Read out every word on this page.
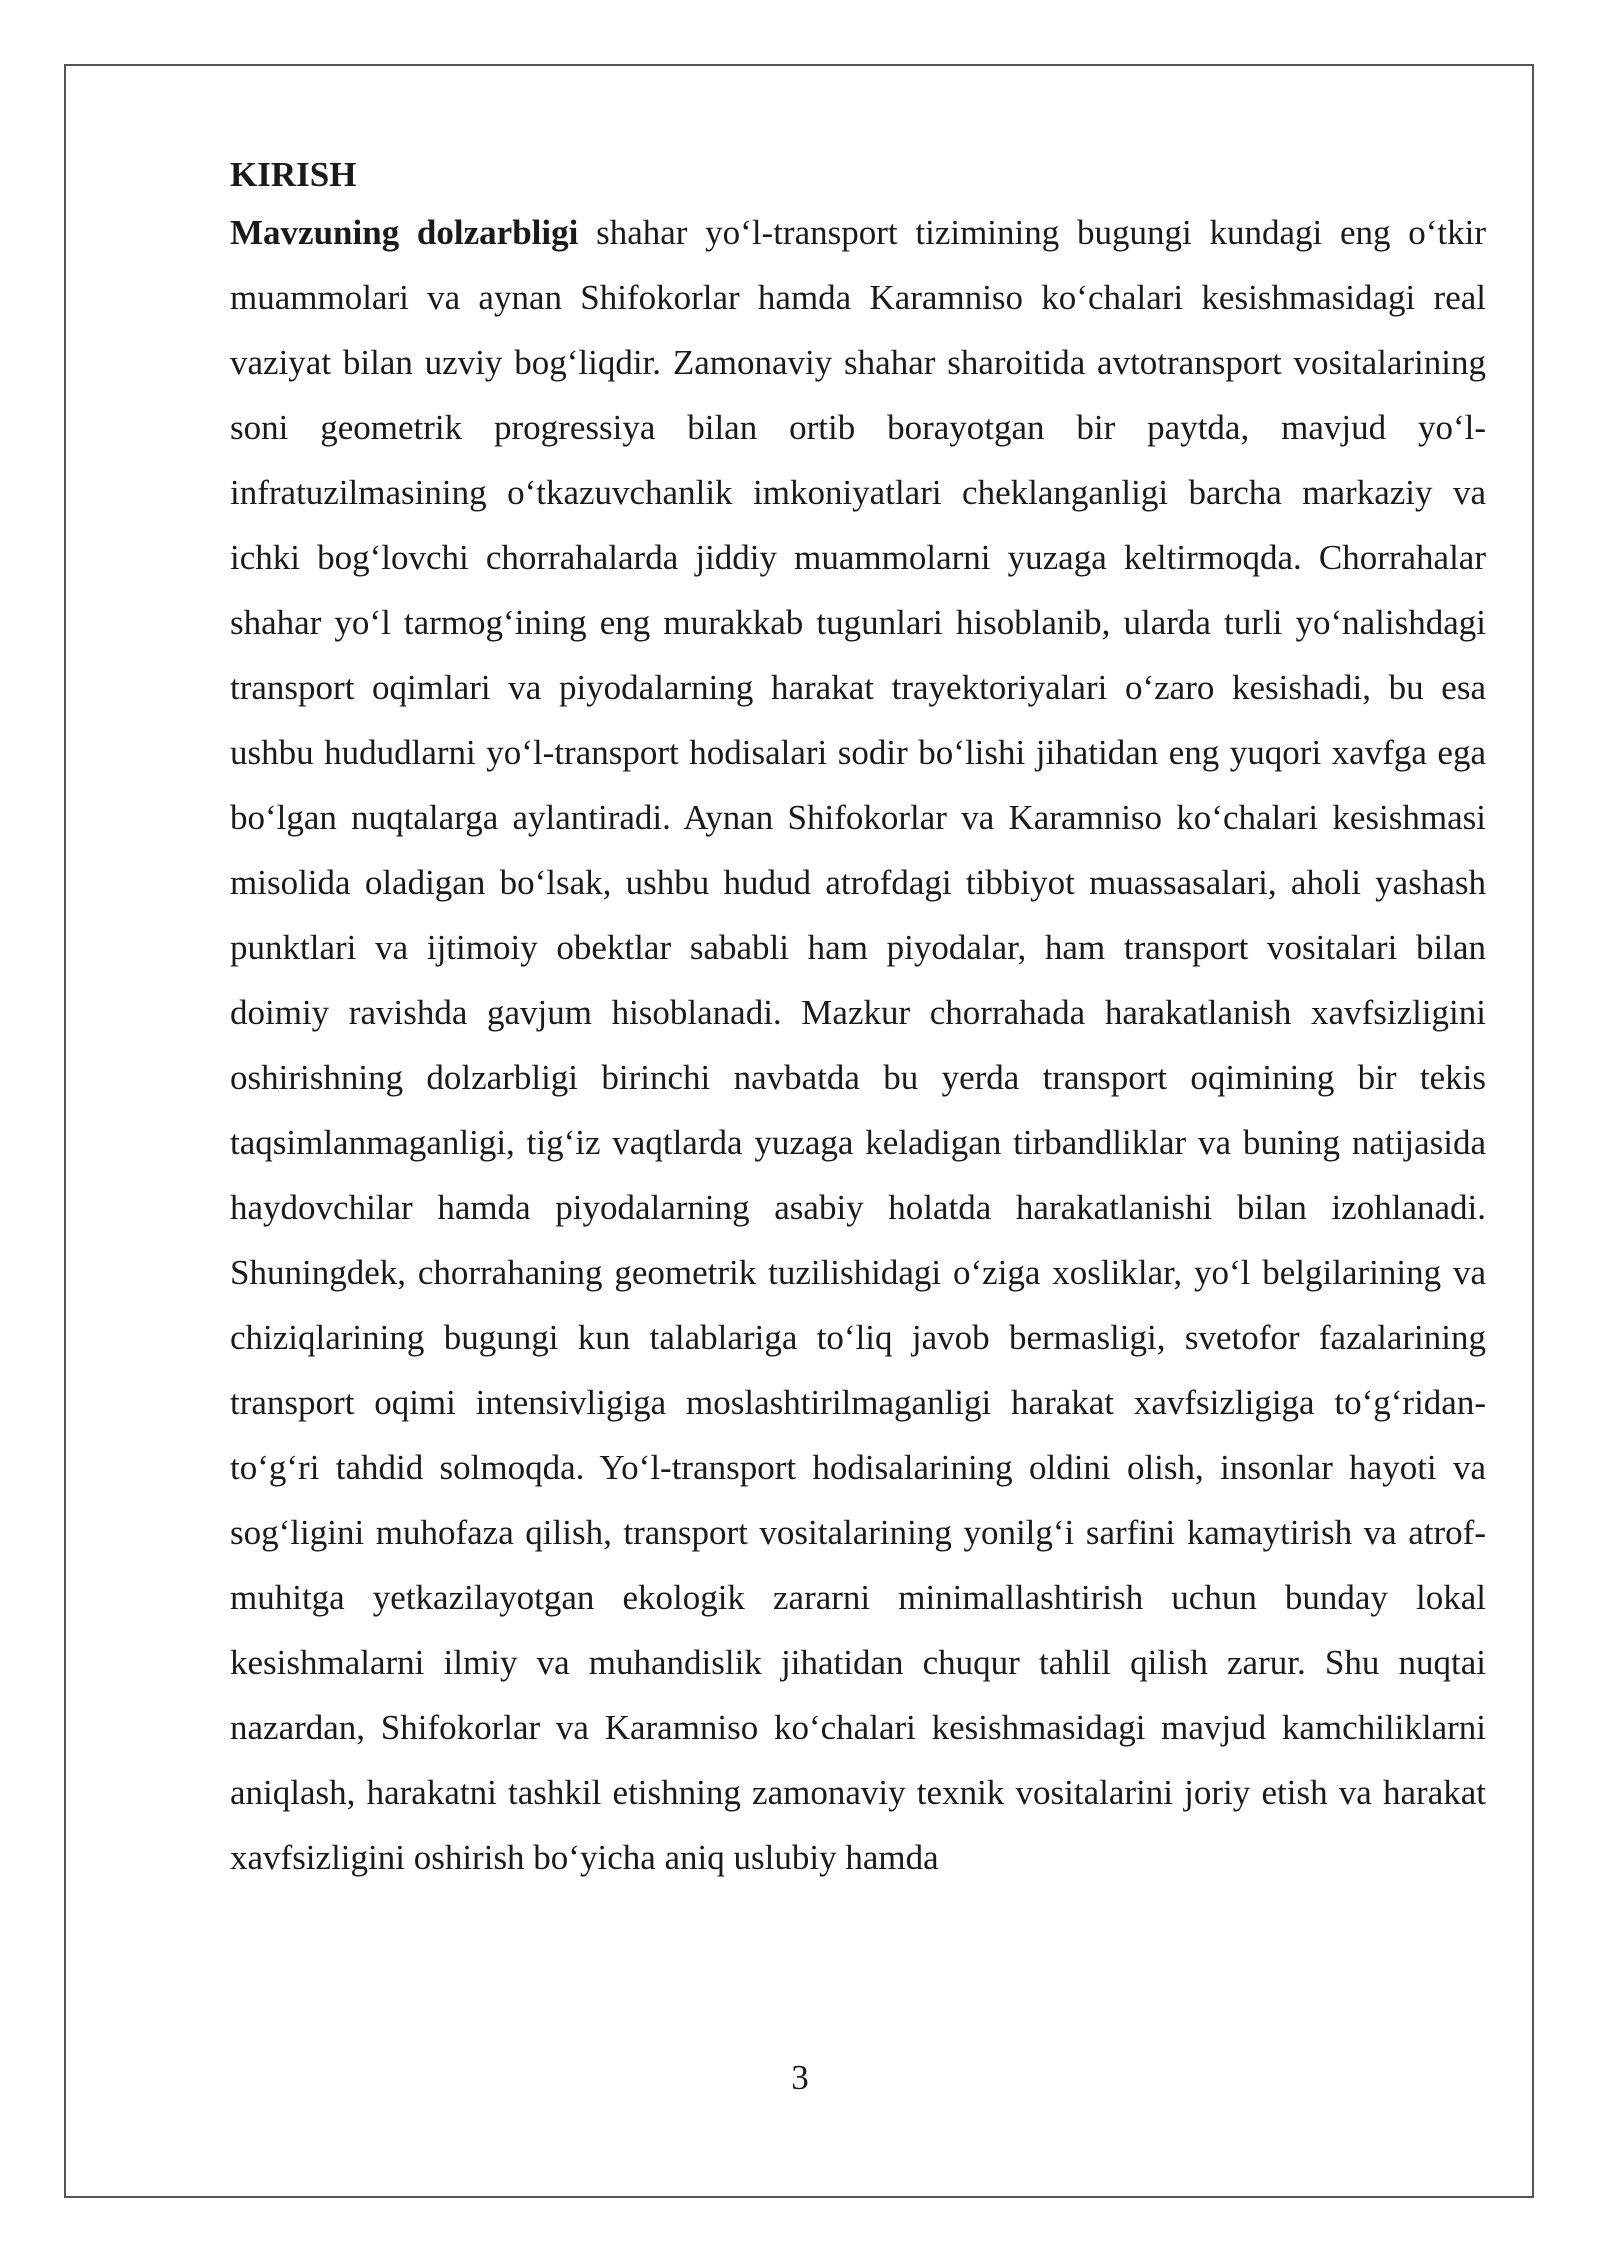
KIRISH

Mavzuning dolzarbligi shahar yo‘l-transport tizimining bugungi kundagi eng o‘tkir muammolari va aynan Shifokorlar hamda Karamniso ko‘chalari kesishmasidagi real vaziyat bilan uzviy bog‘liqdir. Zamonaviy shahar sharoitida avtotransport vositalarining soni geometrik progressiya bilan ortib borayotgan bir paytda, mavjud yo‘l-infratuzilmasining o‘tkazuvchanlik imkoniyatlari cheklanganligi barcha markaziy va ichki bog‘lovchi chorrahalarda jiddiy muammolarni yuzaga keltirmoqda. Chorrahalar shahar yo‘l tarmog‘ining eng murakkab tugunlari hisoblanib, ularda turli yo‘nalishdagi transport oqimlari va piyodalarning harakat trayektoriyalari o‘zaro kesishadi, bu esa ushbu hududlarni yo‘l-transport hodisalari sodir bo‘lishi jihatidan eng yuqori xavfga ega bo‘lgan nuqtalarga aylantiradi. Aynan Shifokorlar va Karamniso ko‘chalari kesishmasi misolida oladigan bo‘lsak, ushbu hudud atrofdagi tibbiyot muassasalari, aholi yashash punktlari va ijtimoiy obektlar sababli ham piyodalar, ham transport vositalari bilan doimiy ravishda gavjum hisoblanadi. Mazkur chorrahada harakatlanish xavfsizligini oshirishning dolzarbligi birinchi navbatda bu yerda transport oqimining bir tekis taqsimlanmaganligi, tig‘iz vaqtlarda yuzaga keladigan tirbandliklar va buning natijasida haydovchilar hamda piyodalarning asabiy holatda harakatlanishi bilan izohlanadi. Shuningdek, chorrahaning geometrik tuzilishidagi o‘ziga xosliklar, yo‘l belgilarining va chiziqlarining bugungi kun talablariga to‘liq javob bermasligi, svetofor fazalarining transport oqimi intensivligiga moslashtirilmaganligi harakat xavfsizligiga to‘g‘ridan-to‘g‘ri tahdid solmoqda. Yo‘l-transport hodisalarining oldini olish, insonlar hayoti va sog‘ligini muhofaza qilish, transport vositalarining yonilg‘i sarfini kamaytirish va atrof-muhitga yetkazilayotgan ekologik zararni minimallashtirish uchun bunday lokal kesishmalarni ilmiy va muhandislik jihatidan chuqur tahlil qilish zarur. Shu nuqtai nazardan, Shifokorlar va Karamniso ko‘chalari kesishmasidagi mavjud kamchiliklarni aniqlash, harakatni tashkil etishning zamonaviy texnik vositalarini joriy etish va harakat xavfsizligini oshirish bo‘yicha aniq uslubiy hamda

3
